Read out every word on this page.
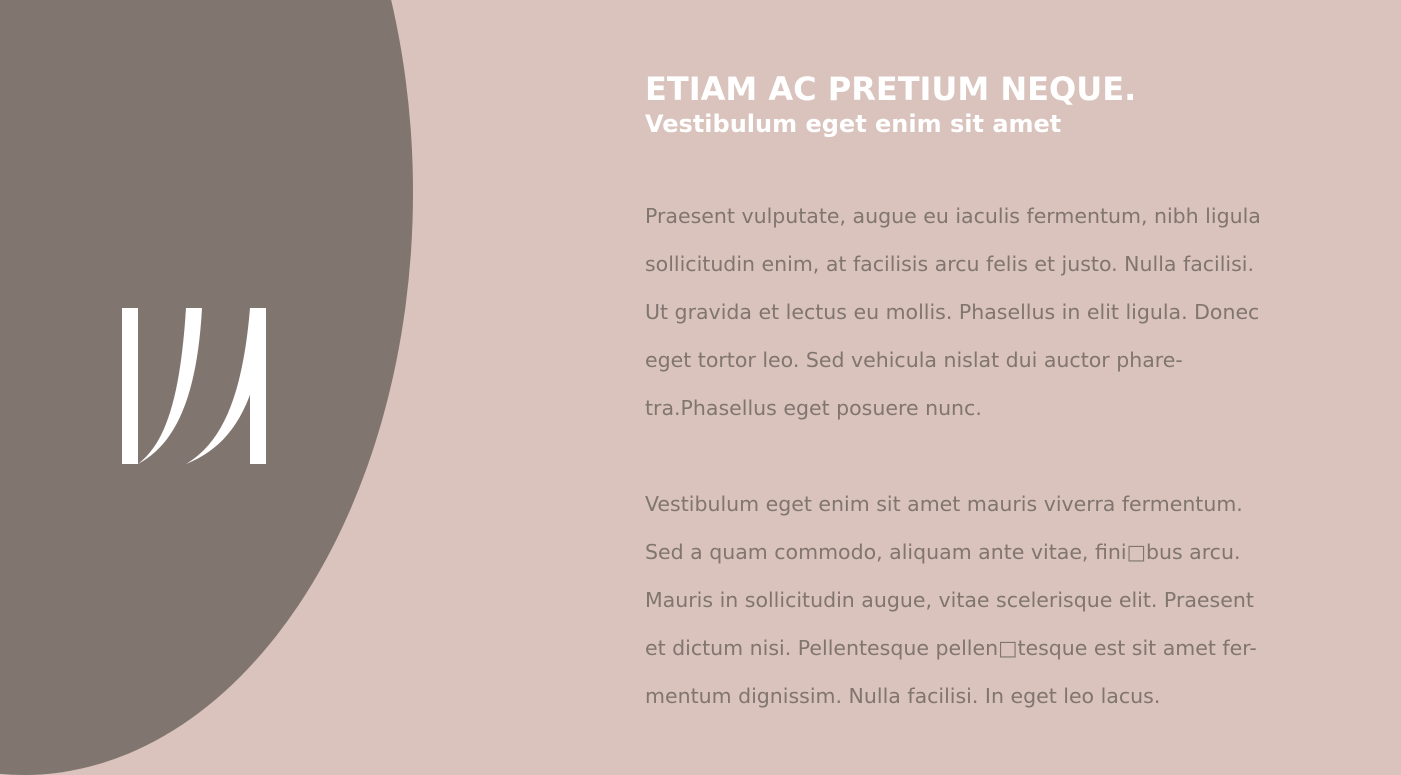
ETIAM AC PRETIUM NEQUE.
Vestibulum eget enim sit amet
Praesent vulputate, augue eu iaculis fermentum, nibh ligula
sollicitudin enim, at facilisis arcu felis et justo. Nulla facilisi.
Ut gravida et lectus eu mollis. Phasellus in elit ligula. Donec
eget tortor leo. Sed vehicula nislat dui auctor phare-
tra.Phasellus eget posuere nunc.
Vestibulum eget enim sit amet mauris viverra fermentum.
Sed a quam commodo, aliquam ante vitae, fini□bus arcu.
Mauris in sollicitudin augue, vitae scelerisque elit. Praesent
et dictum nisi. Pellentesque pellen□tesque est sit amet fer-
mentum dignissim. Nulla facilisi. In eget leo lacus.
